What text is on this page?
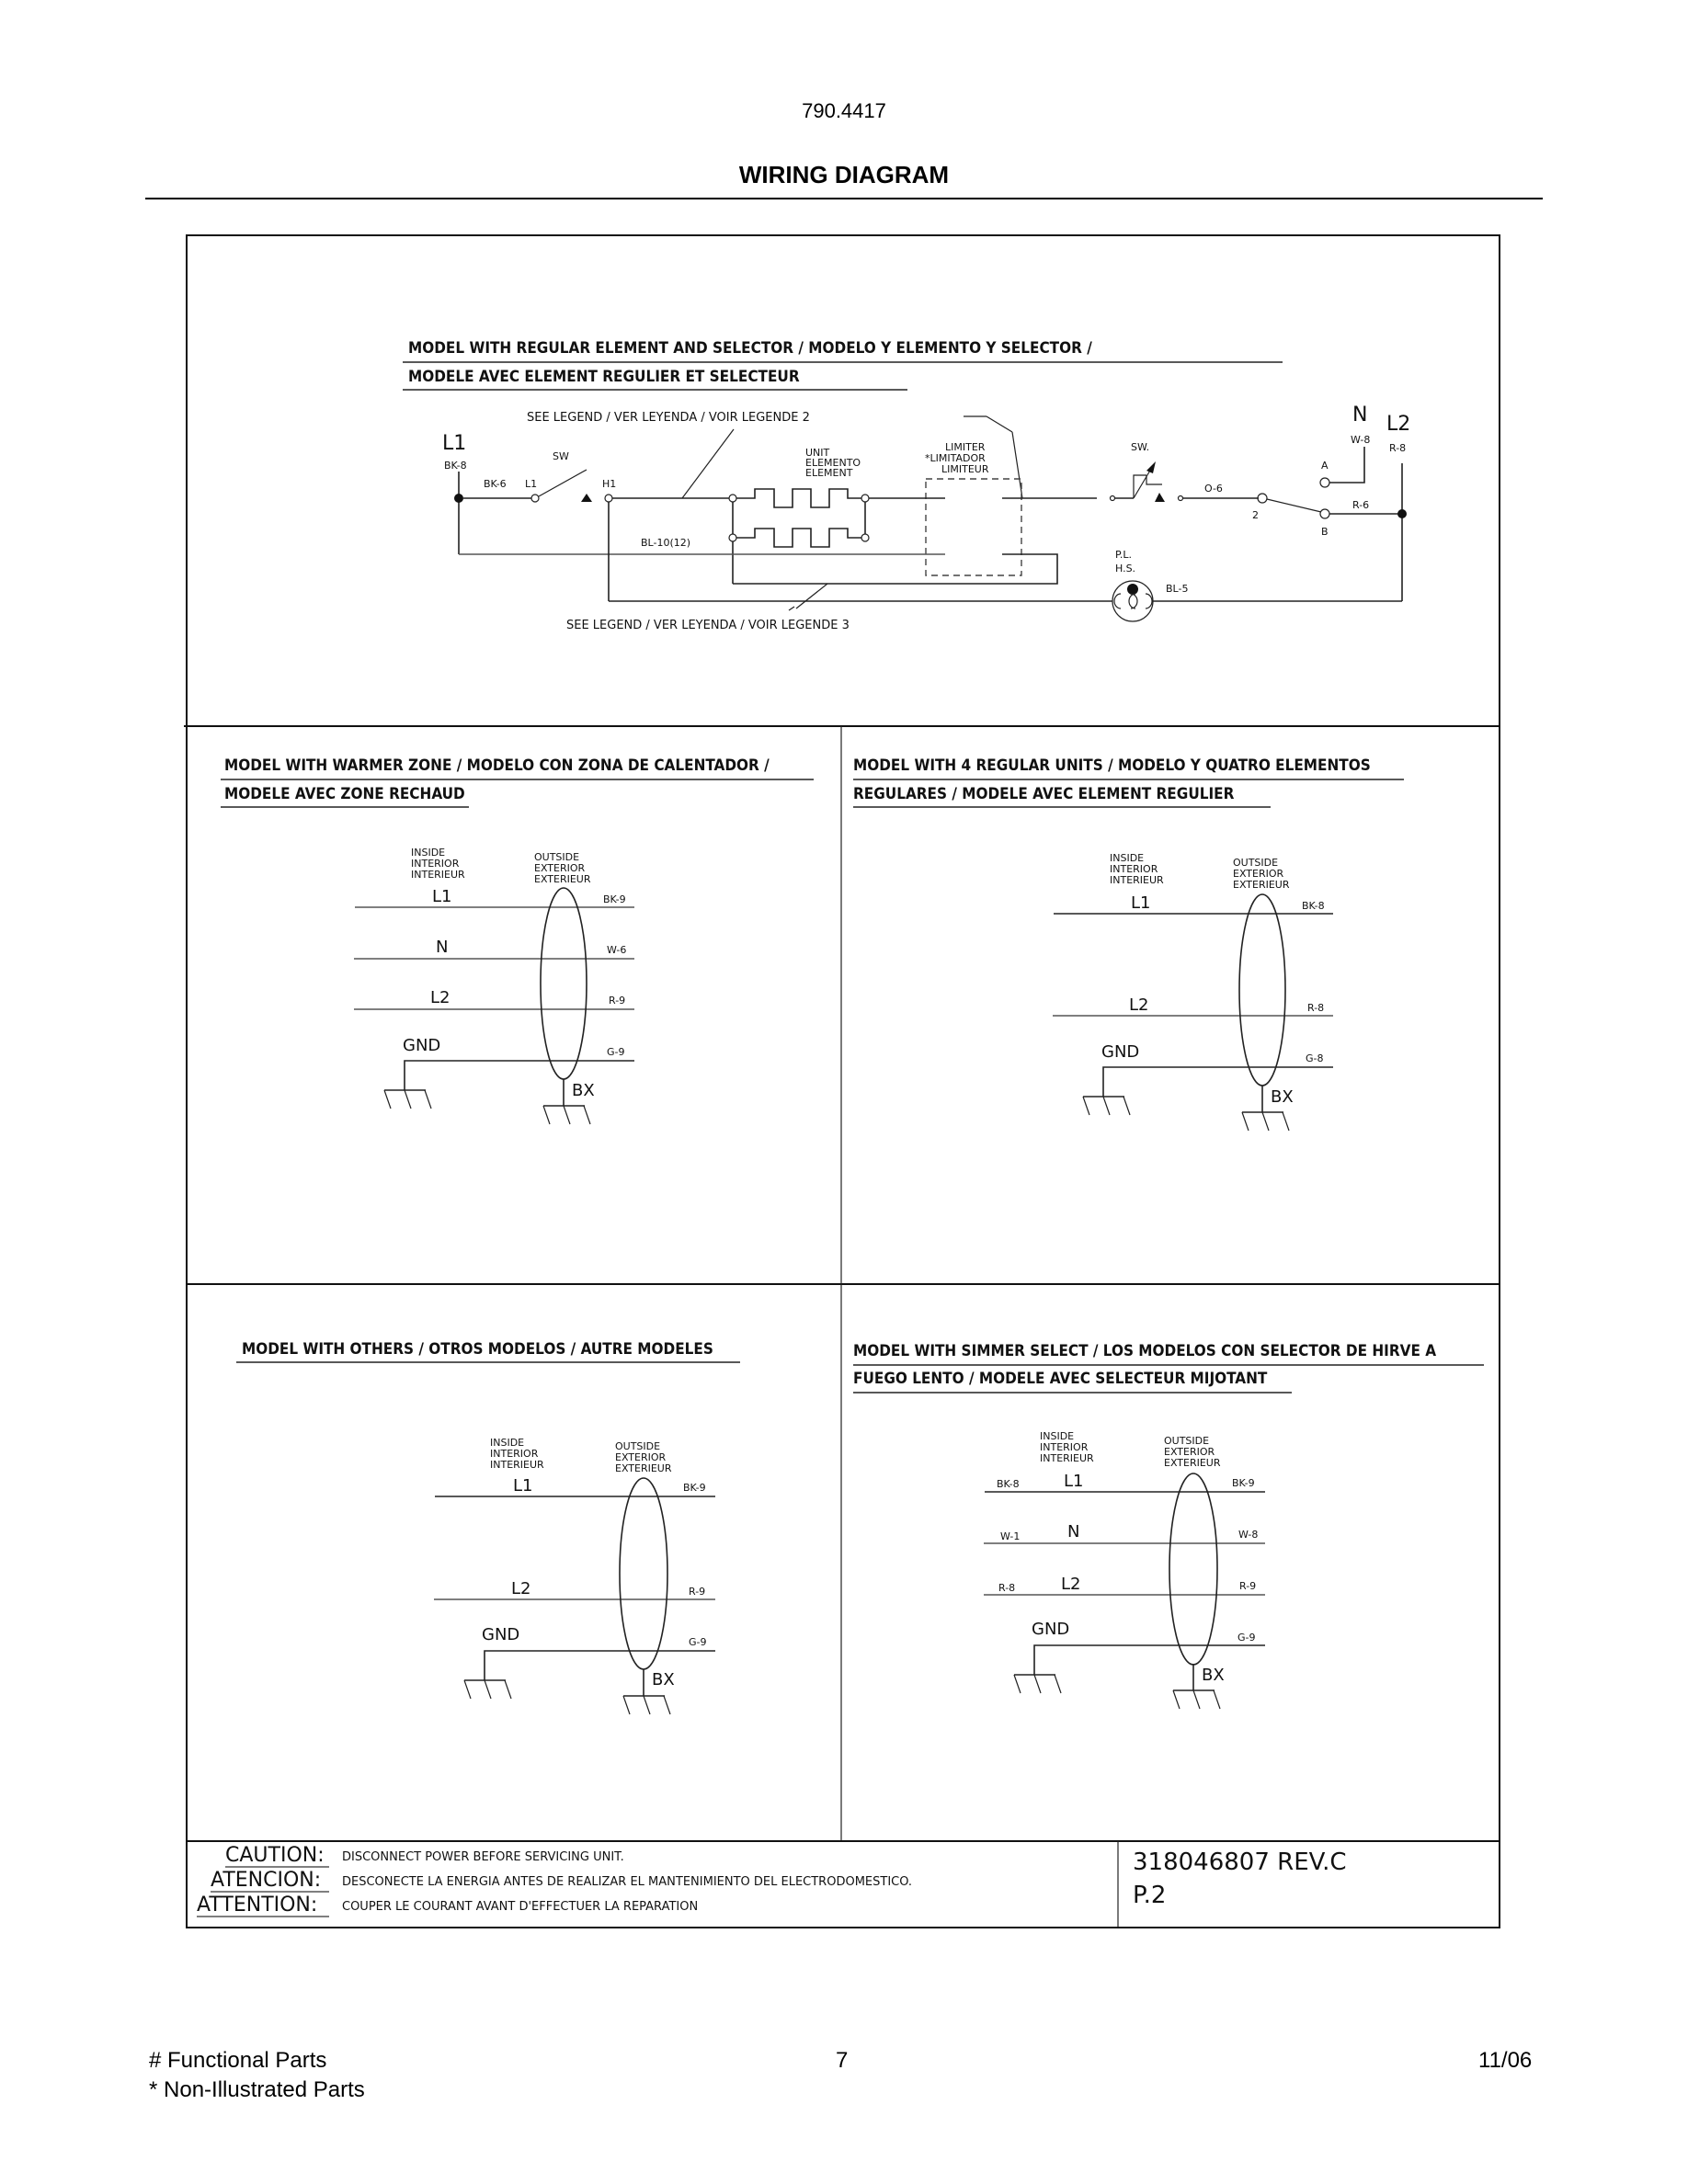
790.4417
WIRING DIAGRAM
MODEL WITH REGULAR ELEMENT AND SELECTOR / MODELO Y ELEMENTO Y SELECTOR /
MODELE AVEC ELEMENT REGULIER ET SELECTEUR
SEE LEGEND / VER LEYENDA / VOIR LEGENDE 2
L1
BK-8
BK-6 L1
SW
H1
UNIT
ELEMENTO
ELEMENT
BL-10(12)
LIMITER
*LIMITADOR
LIMITEUR
SEE LEGEND / VER LEYENDA / VOIR LEGENDE 3
SW.
O-6
2
A
B
R-6
N
W-8
L2
R-8
P.L.
H.S.
BL-5
MODEL WITH WARMER ZONE / MODELO CON ZONA DE CALENTADOR /
MODELE AVEC ZONE RECHAUD
INSIDE
INTERIOR
INTERIEUR
OUTSIDE
EXTERIOR
EXTERIEUR
L1	BK-9
N	W-6
L2	R-9
GND	G-9
BX
MODEL WITH 4 REGULAR UNITS / MODELO Y QUATRO ELEMENTOS
REGULARES / MODELE AVEC ELEMENT REGULIER
INSIDE
INTERIOR
INTERIEUR
OUTSIDE
EXTERIOR
EXTERIEUR
L1	BK-8
L2	R-8
GND	G-8
BX
MODEL WITH OTHERS / OTROS MODELOS / AUTRE MODELES
INSIDE
INTERIOR
INTERIEUR
OUTSIDE
EXTERIOR
EXTERIEUR
L1	BK-9
L2	R-9
GND	G-9
BX
MODEL WITH SIMMER SELECT / LOS MODELOS CON SELECTOR DE HIRVE A
FUEGO LENTO / MODELE AVEC SELECTEUR MIJOTANT
INSIDE
INTERIOR
INTERIEUR
OUTSIDE
EXTERIOR
EXTERIEUR
BK-8	L1	BK-9
W-1	N	W-8
R-8	L2	R-9
GND	G-9
BX
CAUTION: DISCONNECT POWER BEFORE SERVICING UNIT.
ATENCION: DESCONECTE LA ENERGIA ANTES DE REALIZAR EL MANTENIMIENTO DEL ELECTRODOMESTICO.
ATTENTION: COUPER LE COURANT AVANT D'EFFECTUER LA REPARATION
318046807 REV.C
P.2
# Functional Parts
* Non-Illustrated Parts
7	11/06
